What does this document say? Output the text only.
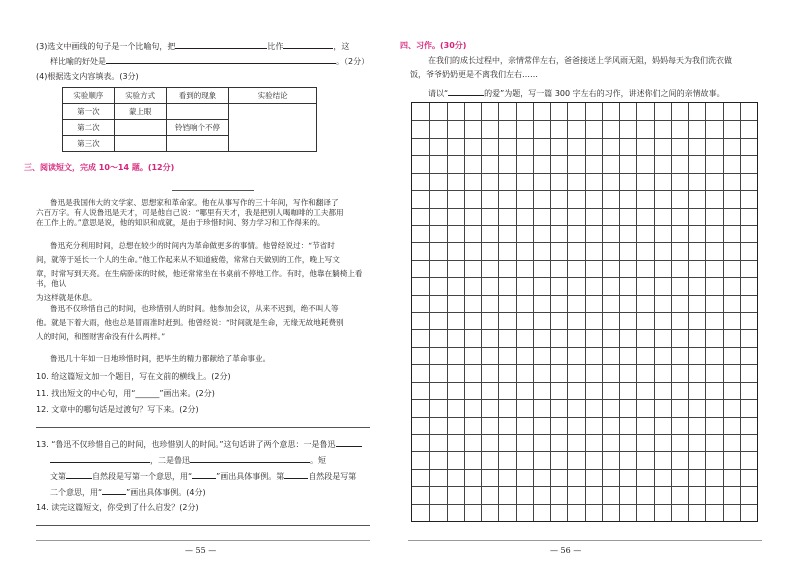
(3)选文中画线的句子是一个比喻句，把	比作	，这
样比喻的好处是	。（2分）
(4)根据选文内容填表。(3分)
实验顺序	实验方式	看到的现象	实验结论
第一次	蒙上眼		
第二次		铃铛响个不停	
第三次			
三、阅读短文，完成 10～14 题。(12分)
鲁迅是我国伟大的文学家、思想家和革命家。他在从事写作的三十年间，写作和翻译了
六百万字。有人说鲁迅是天才，可是他自己说：“哪里有天才，我是把别人喝咖啡的工夫都用
在工作上的。”意思是说，他的知识和成就，是由于珍惜时间、努力学习和工作得来的。
鲁迅充分利用时间，总想在较少的时间内为革命做更多的事情。他曾经说过：“节省时
间，就等于延长一个人的生命。”他工作起来从不知道疲倦，常常白天做别的工作，晚上写文
章，时常写到天亮。在生病卧床的时候，他还常常坐在书桌前不停地工作。有时，他靠在躺椅上看书，他认
为这样就是休息。
鲁迅不仅珍惜自己的时间，也珍惜别人的时间。他参加会议，从来不迟到，绝不叫人等
他。就是下着大雨，他也总是冒雨准时赶到。他曾经说：“时间就是生命，无缘无故地耗费别
人的时间，和图财害命没有什么两样。”
鲁迅几十年如一日地珍惜时间，把毕生的精力都献给了革命事业。
10. 给这篇短文加一个题目，写在文前的横线上。(2分)
11. 找出短文的中心句，用“______”画出来。(2分)
12. 文章中的哪句话是过渡句？写下来。(2分)
13. “鲁迅不仅珍惜自己的时间，也珍惜别人的时间。”这句话讲了两个意思：一是鲁迅
，二是鲁迅	。短
文第	自然段是写第一个意思，用“	”画出具体事例。第	自然段是写第
二个意思，用“	”画出具体事例。(4分)
14. 读完这篇短文，你受到了什么启发？(2分)
— 55 —
四、习作。(30分)
在我们的成长过程中，亲情常伴左右，爸爸接送上学风雨无阻，妈妈每天为我们洗衣做
饭，爷爷奶奶更是不离我们左右……
请以“	的爱”为题，写一篇 300 字左右的习作，讲述你们之间的亲情故事。
— 56 —
